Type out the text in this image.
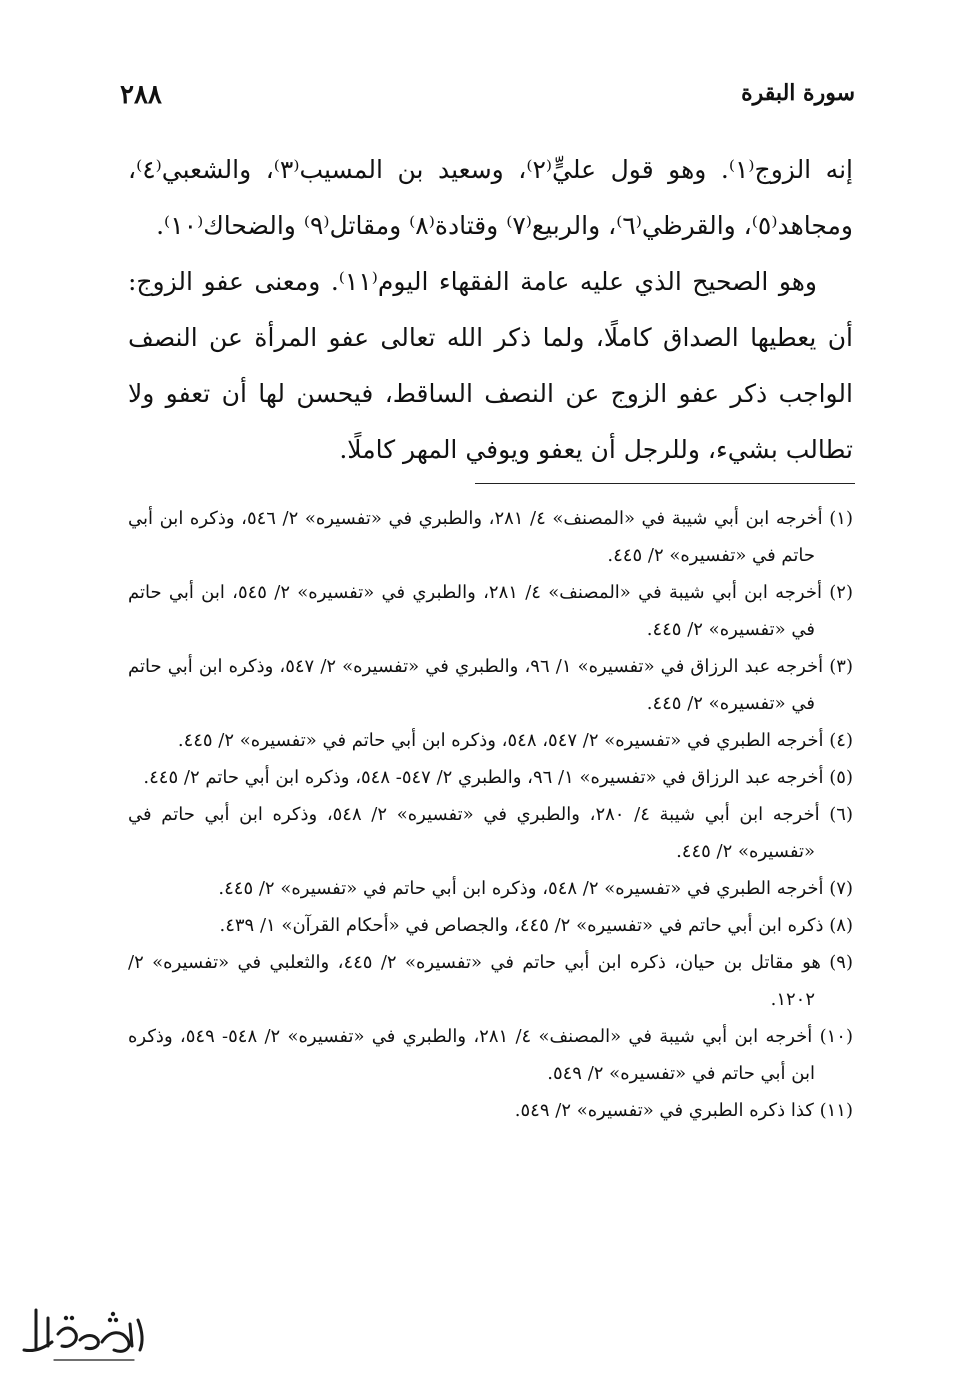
٢٨٨	سورة البقرة

إنه الزوج⁽١⁾. وهو قول عليٍّ⁽٢⁾، وسعيد بن المسيب⁽٣⁾، والشعبي⁽٤⁾، ومجاهد⁽٥⁾، والقرظي⁽٦⁾، والربيع⁽٧⁾ وقتادة⁽٨⁾ ومقاتل⁽٩⁾ والضحاك⁽١٠⁾.

وهو الصحيح الذي عليه عامة الفقهاء اليوم⁽١١⁾. ومعنى عفو الزوج: أن يعطيها الصداق كاملًا، ولما ذكر الله تعالى عفو المرأة عن النصف الواجب ذكر عفو الزوج عن النصف الساقط، فيحسن لها أن تعفو ولا تطالب بشيء، وللرجل أن يعفو ويوفي المهر كاملًا.

(١) أخرجه ابن أبي شيبة في «المصنف» ٤/ ٢٨١، والطبري في «تفسيره» ٢/ ٥٤٦، وذكره ابن أبي حاتم في «تفسيره» ٢/ ٤٤٥.
(٢) أخرجه ابن أبي شيبة في «المصنف» ٤/ ٢٨١، والطبري في «تفسيره» ٢/ ٥٤٥، ابن أبي حاتم في «تفسيره» ٢/ ٤٤٥.
(٣) أخرجه عبد الرزاق في «تفسيره» ١/ ٩٦، والطبري في «تفسيره» ٢/ ٥٤٧، وذكره ابن أبي حاتم في «تفسيره» ٢/ ٤٤٥.
(٤) أخرجه الطبري في «تفسيره» ٢/ ٥٤٧، ٥٤٨، وذكره ابن أبي حاتم في «تفسيره» ٢/ ٤٤٥.
(٥) أخرجه عبد الرزاق في «تفسيره» ١/ ٩٦، والطبري ٢/ ٥٤٧- ٥٤٨، وذكره ابن أبي حاتم ٢/ ٤٤٥.
(٦) أخرجه ابن أبي شيبة ٤/ ٢٨٠، والطبري في «تفسيره» ٢/ ٥٤٨، وذكره ابن أبي حاتم في «تفسيره» ٢/ ٤٤٥.
(٧) أخرجه الطبري في «تفسيره» ٢/ ٥٤٨، وذكره ابن أبي حاتم في «تفسيره» ٢/ ٤٤٥.
(٨) ذكره ابن أبي حاتم في «تفسيره» ٢/ ٤٤٥، والجصاص في «أحكام القرآن» ١/ ٤٣٩.
(٩) هو مقاتل بن حيان، ذكره ابن أبي حاتم في «تفسيره» ٢/ ٤٤٥، والثعلبي في «تفسيره» ٢/ ١٢٠٢.
(١٠) أخرجه ابن أبي شيبة في «المصنف» ٤/ ٢٨١، والطبري في «تفسيره» ٢/ ٥٤٨- ٥٤٩، وذكره ابن أبي حاتم في «تفسيره» ٢/ ٥٤٩.
(١١) كذا ذكره الطبري في «تفسيره» ٢/ ٥٤٩.
